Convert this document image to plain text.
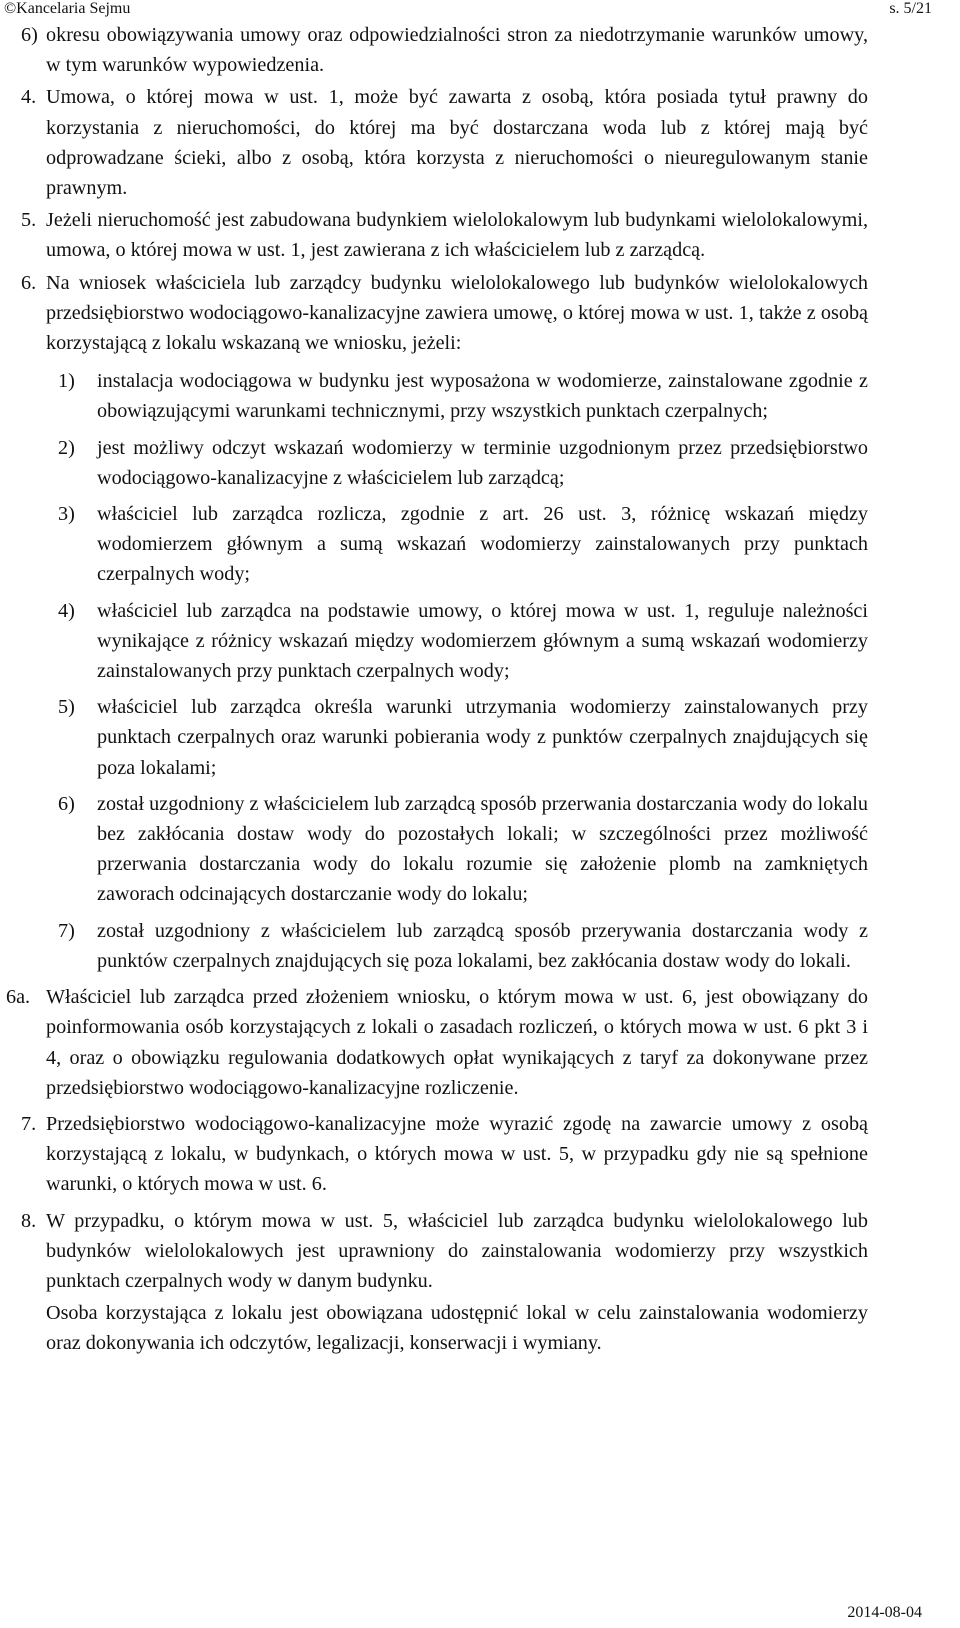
©Kancelaria Sejmu	s. 5/21
6) okresu obowiązywania umowy oraz odpowiedzialności stron za niedotrzymanie warunków umowy, w tym warunków wypowiedzenia.
4. Umowa, o której mowa w ust. 1, może być zawarta z osobą, która posiada tytuł prawny do korzystania z nieruchomości, do której ma być dostarczana woda lub z której mają być odprowadzane ścieki, albo z osobą, która korzysta z nieruchomości o nieuregulowanym stanie prawnym.
5. Jeżeli nieruchomość jest zabudowana budynkiem wielolokalowym lub budynkami wielolokalowymi, umowa, o której mowa w ust. 1, jest zawierana z ich właścicielem lub z zarządcą.
6. Na wniosek właściciela lub zarządcy budynku wielolokalowego lub budynków wielolokalowych przedsiębiorstwo wodociągowo-kanalizacyjne zawiera umowę, o której mowa w ust. 1, także z osobą korzystającą z lokalu wskazaną we wniosku, jeżeli:
1) instalacja wodociągowa w budynku jest wyposażona w wodomierze, zainstalowane zgodnie z obowiązującymi warunkami technicznymi, przy wszystkich punktach czerpalnych;
2) jest możliwy odczyt wskazań wodomierzy w terminie uzgodnionym przez przedsiębiorstwo wodociągowo-kanalizacyjne z właścicielem lub zarządcą;
3) właściciel lub zarządca rozlicza, zgodnie z art. 26 ust. 3, różnicę wskazań między wodomierzem głównym a sumą wskazań wodomierzy zainstalowanych przy punktach czerpalnych wody;
4) właściciel lub zarządca na podstawie umowy, o której mowa w ust. 1, reguluje należności wynikające z różnicy wskazań między wodomierzem głównym a sumą wskazań wodomierzy zainstalowanych przy punktach czerpalnych wody;
5) właściciel lub zarządca określa warunki utrzymania wodomierzy zainstalowanych przy punktach czerpalnych oraz warunki pobierania wody z punktów czerpalnych znajdujących się poza lokalami;
6) został uzgodniony z właścicielem lub zarządcą sposób przerwania dostarczania wody do lokalu bez zakłócania dostaw wody do pozostałych lokali; w szczególności przez możliwość przerwania dostarczania wody do lokalu rozumie się założenie plomb na zamkniętych zaworach odcinających dostarczanie wody do lokalu;
7) został uzgodniony z właścicielem lub zarządcą sposób przerywania dostarczania wody z punktów czerpalnych znajdujących się poza lokalami, bez zakłócania dostaw wody do lokali.
6a. Właściciel lub zarządca przed złożeniem wniosku, o którym mowa w ust. 6, jest obowiązany do poinformowania osób korzystających z lokali o zasadach rozliczeń, o których mowa w ust. 6 pkt 3 i 4, oraz o obowiązku regulowania dodatkowych opłat wynikających z taryf za dokonywane przez przedsiębiorstwo wodociągowo-kanalizacyjne rozliczenie.
7. Przedsiębiorstwo wodociągowo-kanalizacyjne może wyrazić zgodę na zawarcie umowy z osobą korzystającą z lokalu, w budynkach, o których mowa w ust. 5, w przypadku gdy nie są spełnione warunki, o których mowa w ust. 6.
8. W przypadku, o którym mowa w ust. 5, właściciel lub zarządca budynku wielolokalowego lub budynków wielolokalowych jest uprawniony do zainstalowania wodomierzy przy wszystkich punktach czerpalnych wody w danym budynku.
Osoba korzystająca z lokalu jest obowiązana udostępnić lokal w celu zainstalowania wodomierzy oraz dokonywania ich odczytów, legalizacji, konserwacji i wymiany.
2014-08-04
